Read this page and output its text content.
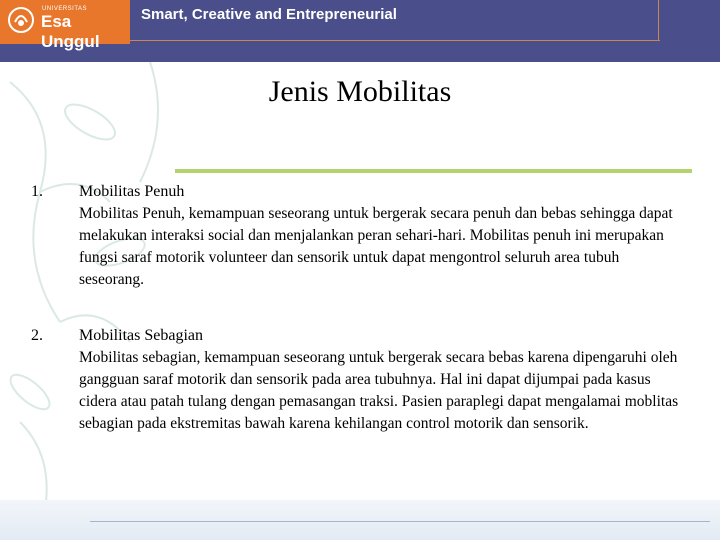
UNIVERSITAS
Esa Unggul
Smart, Creative and Entrepreneurial
Jenis Mobilitas
1. Mobilitas Penuh
Mobilitas Penuh, kemampuan seseorang untuk bergerak secara penuh dan bebas sehingga dapat melakukan interaksi social dan menjalankan peran sehari-hari. Mobilitas penuh ini merupakan fungsi saraf motorik volunteer dan sensorik untuk dapat mengontrol seluruh area tubuh seseorang.
2. Mobilitas Sebagian
Mobilitas sebagian, kemampuan seseorang untuk bergerak secara bebas karena dipengaruhi oleh gangguan saraf motorik dan sensorik pada area tubuhnya. Hal ini dapat dijumpai pada kasus cidera atau patah tulang dengan pemasangan traksi. Pasien paraplegi dapat mengalamai moblitas sebagian pada ekstremitas bawah karena kehilangan control motorik dan sensorik.
